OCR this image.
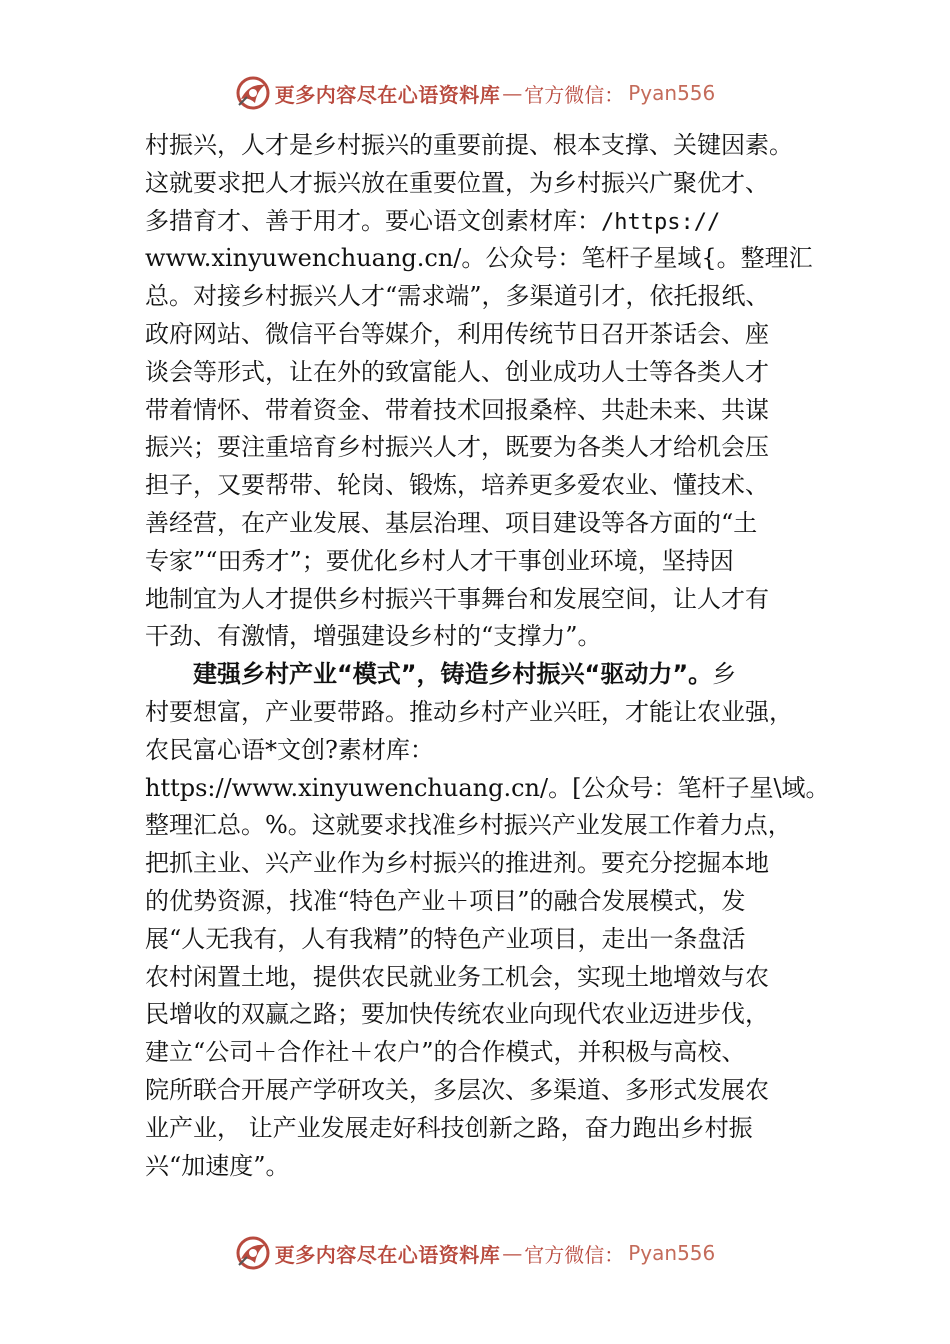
更多内容尽在心语资料库 — 官方微信： Pyan556
村振兴，人才是乡村振兴的重要前提、根本支撑、关键因素。
这就要求把人才振兴放在重要位置，为乡村振兴广聚优才、
多措育才、善于用才。要心语文创素材库：/https://
www.xinyuwenchuang.cn/。公众号：笔杆子星域{。整理汇
总。对接乡村振兴人才“需求端”，多渠道引才，依托报纸、
政府网站、微信平台等媒介，利用传统节日召开茶话会、座
谈会等形式，让在外的致富能人、创业成功人士等各类人才
带着情怀、带着资金、带着技术回报桑梓、共赴未来、共谋
振兴；要注重培育乡村振兴人才，既要为各类人才给机会压
担子，又要帮带、轮岗、锻炼，培养更多爱农业、懂技术、
善经营，在产业发展、基层治理、项目建设等各方面的“土
专家”“田秀才”；要优化乡村人才干事创业环境，坚持因
地制宜为人才提供乡村振兴干事舞台和发展空间，让人才有
干劲、有激情，增强建设乡村的“支撑力”。
建强乡村产业“模式”，铸造乡村振兴“驱动力”。乡
村要想富，产业要带路。推动乡村产业兴旺，才能让农业强，
农民富心语*文创?素材库：
https://www.xinyuwenchuang.cn/。[公众号：笔杆子星\域。
整理汇总。%。这就要求找准乡村振兴产业发展工作着力点，
把抓主业、兴产业作为乡村振兴的推进剂。要充分挖掘本地
的优势资源，找准“特色产业＋项目”的融合发展模式，发
展“人无我有，人有我精”的特色产业项目，走出一条盘活
农村闲置土地，提供农民就业务工机会，实现土地增效与农
民增收的双赢之路；要加快传统农业向现代农业迈进步伐，
建立“公司＋合作社＋农户”的合作模式，并积极与高校、
院所联合开展产学研攻关，多层次、多渠道、多形式发展农
业产业， 让产业发展走好科技创新之路，奋力跑出乡村振
兴“加速度”。
更多内容尽在心语资料库 — 官方微信： Pyan556
